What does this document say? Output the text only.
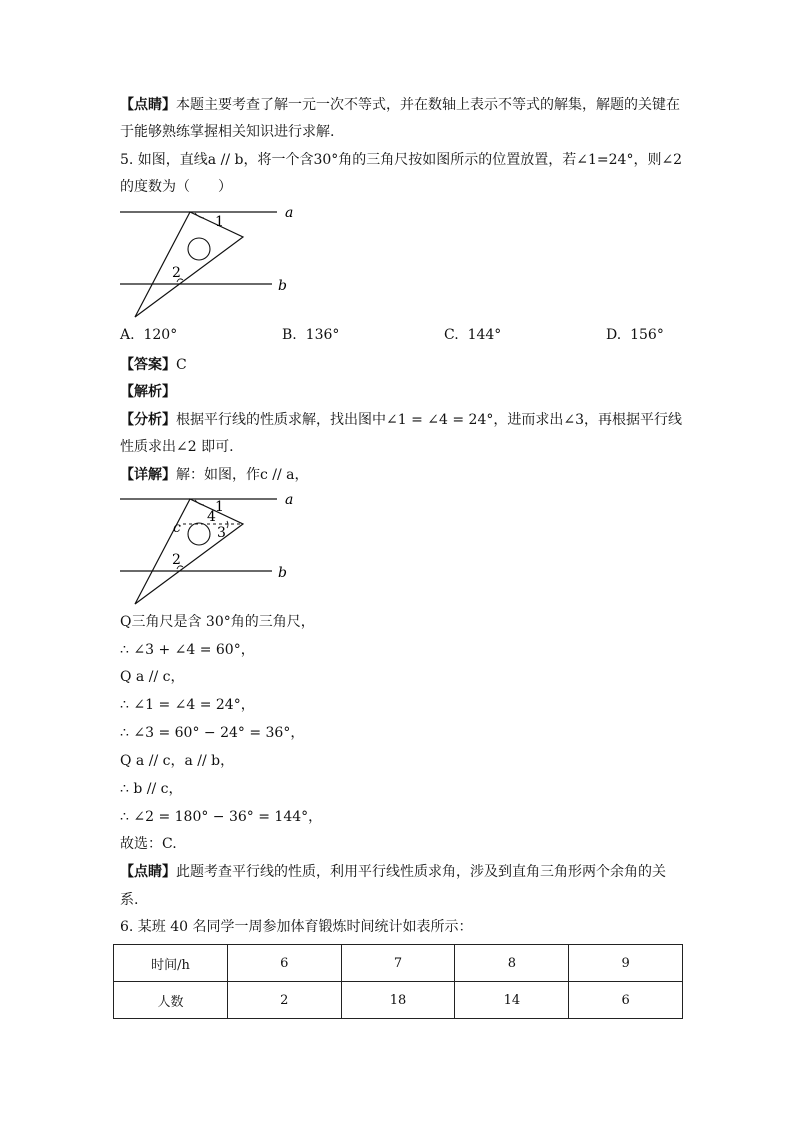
【点睛】本题主要考查了解一元一次不等式，并在数轴上表示不等式的解集，解题的关键在
于能够熟练掌握相关知识进行求解.
5. 如图，直线a // b，将一个含30°角的三角尺按如图所示的位置放置，若∠1=24°，则∠2
的度数为（　　）
1
2
a
b
A. 120°	B. 136°	C. 144°	D. 156°
【答案】C
【解析】
【分析】根据平行线的性质求解，找出图中∠1 = ∠4 = 24°，进而求出∠3，再根据平行线
性质求出∠2 即可.
【详解】解：如图，作c // a，
1
4
3
c
2
a
b
Q三角尺是含 30°角的三角尺，
∴ ∠3 + ∠4 = 60°，
Q a // c，
∴ ∠1 = ∠4 = 24°，
∴ ∠3 = 60° − 24° = 36°，
Q a // c，a // b，
∴ b // c，
∴ ∠2 = 180° − 36° = 144°，
故选：C.
【点睛】此题考查平行线的性质，利用平行线性质求角，涉及到直角三角形两个余角的关
系.
6. 某班 40 名同学一周参加体育锻炼时间统计如表所示：
时间/h	6	7	8	9
人数	2	18	14	6
